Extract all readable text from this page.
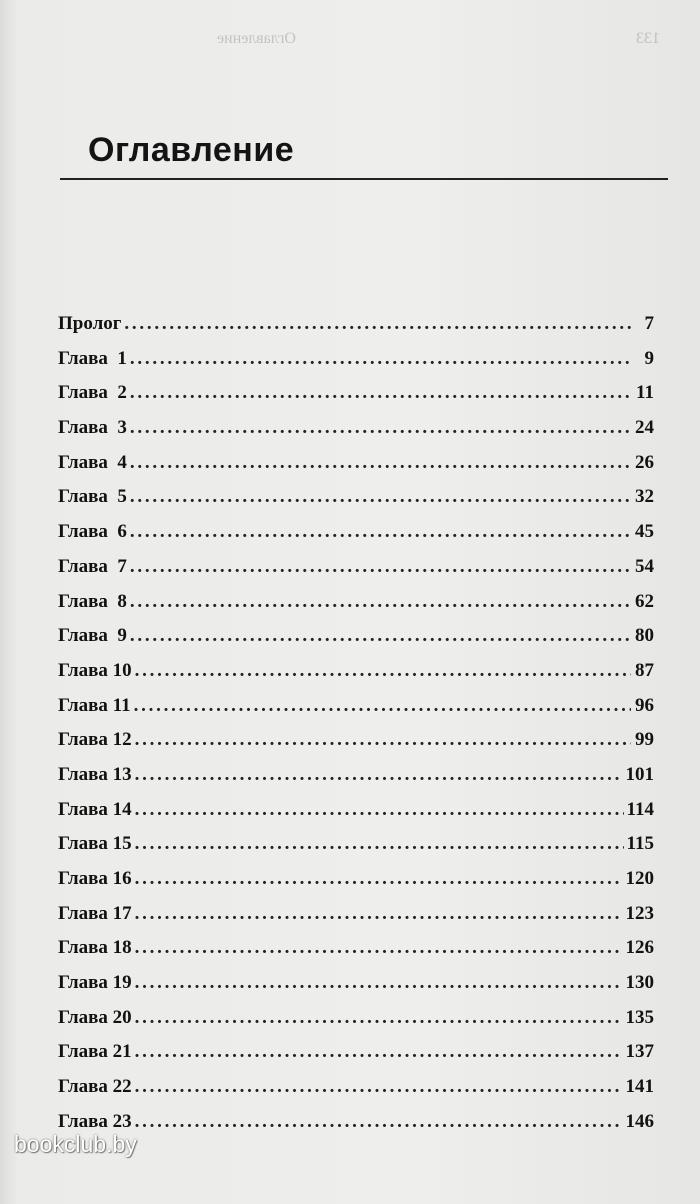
133                                                                                     Оглавление
Оглавление
Пролог . . .	7
Глава  1 . . .	9
Глава  2 . . .	11
Глава  3 . . .	24
Глава  4 . . .	26
Глава  5 . . .	32
Глава  6 . . .	45
Глава  7 . . .	54
Глава  8 . . .	62
Глава  9 . . .	80
Глава 10 . . .	87
Глава 11 . . .	96
Глава 12 . . .	99
Глава 13 . . .	101
Глава 14 . . .	114
Глава 15 . . .	115
Глава 16 . . .	120
Глава 17 . . .	123
Глава 18 . . .	126
Глава 19 . . .	130
Глава 20 . . .	135
Глава 21 . . .	137
Глава 22 . . .	141
Глава 23 . . .	146
bookclub.by
